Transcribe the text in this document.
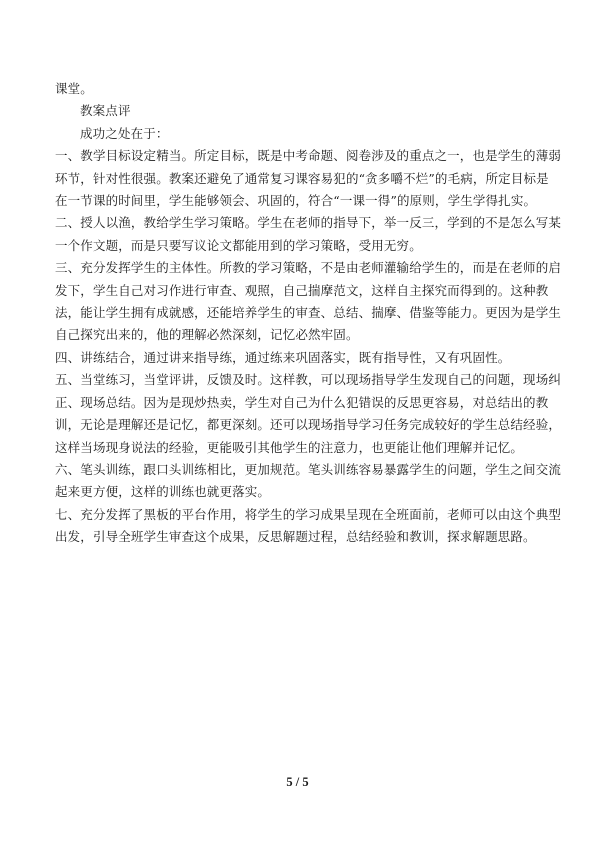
课堂。
教案点评
成功之处在于：
一、教学目标设定精当。所定目标，既是中考命题、阅卷涉及的重点之一，也是学生的薄弱
环节，针对性很强。教案还避免了通常复习课容易犯的“贪多嚼不烂”的毛病，所定目标是
在一节课的时间里，学生能够领会、巩固的，符合“一课一得”的原则，学生学得扎实。
二、授人以渔，教给学生学习策略。学生在老师的指导下，举一反三，学到的不是怎么写某
一个作文题，而是只要写议论文都能用到的学习策略，受用无穷。
三、充分发挥学生的主体性。所教的学习策略，不是由老师灌输给学生的，而是在老师的启
发下，学生自己对习作进行审查、观照，自己揣摩范文，这样自主探究而得到的。这种教
法，能让学生拥有成就感，还能培养学生的审查、总结、揣摩、借鉴等能力。更因为是学生
自己探究出来的，他的理解必然深刻，记忆必然牢固。
四、讲练结合，通过讲来指导练，通过练来巩固落实，既有指导性，又有巩固性。
五、当堂练习，当堂评讲，反馈及时。这样教，可以现场指导学生发现自己的问题，现场纠
正、现场总结。因为是现炒热卖，学生对自己为什么犯错误的反思更容易，对总结出的教
训，无论是理解还是记忆，都更深刻。还可以现场指导学习任务完成较好的学生总结经验，
这样当场现身说法的经验，更能吸引其他学生的注意力，也更能让他们理解并记忆。
六、笔头训练，跟口头训练相比，更加规范。笔头训练容易暴露学生的问题，学生之间交流
起来更方便，这样的训练也就更落实。
七、充分发挥了黑板的平台作用，将学生的学习成果呈现在全班面前，老师可以由这个典型
出发，引导全班学生审查这个成果，反思解题过程，总结经验和教训，探求解题思路。
5 / 5
